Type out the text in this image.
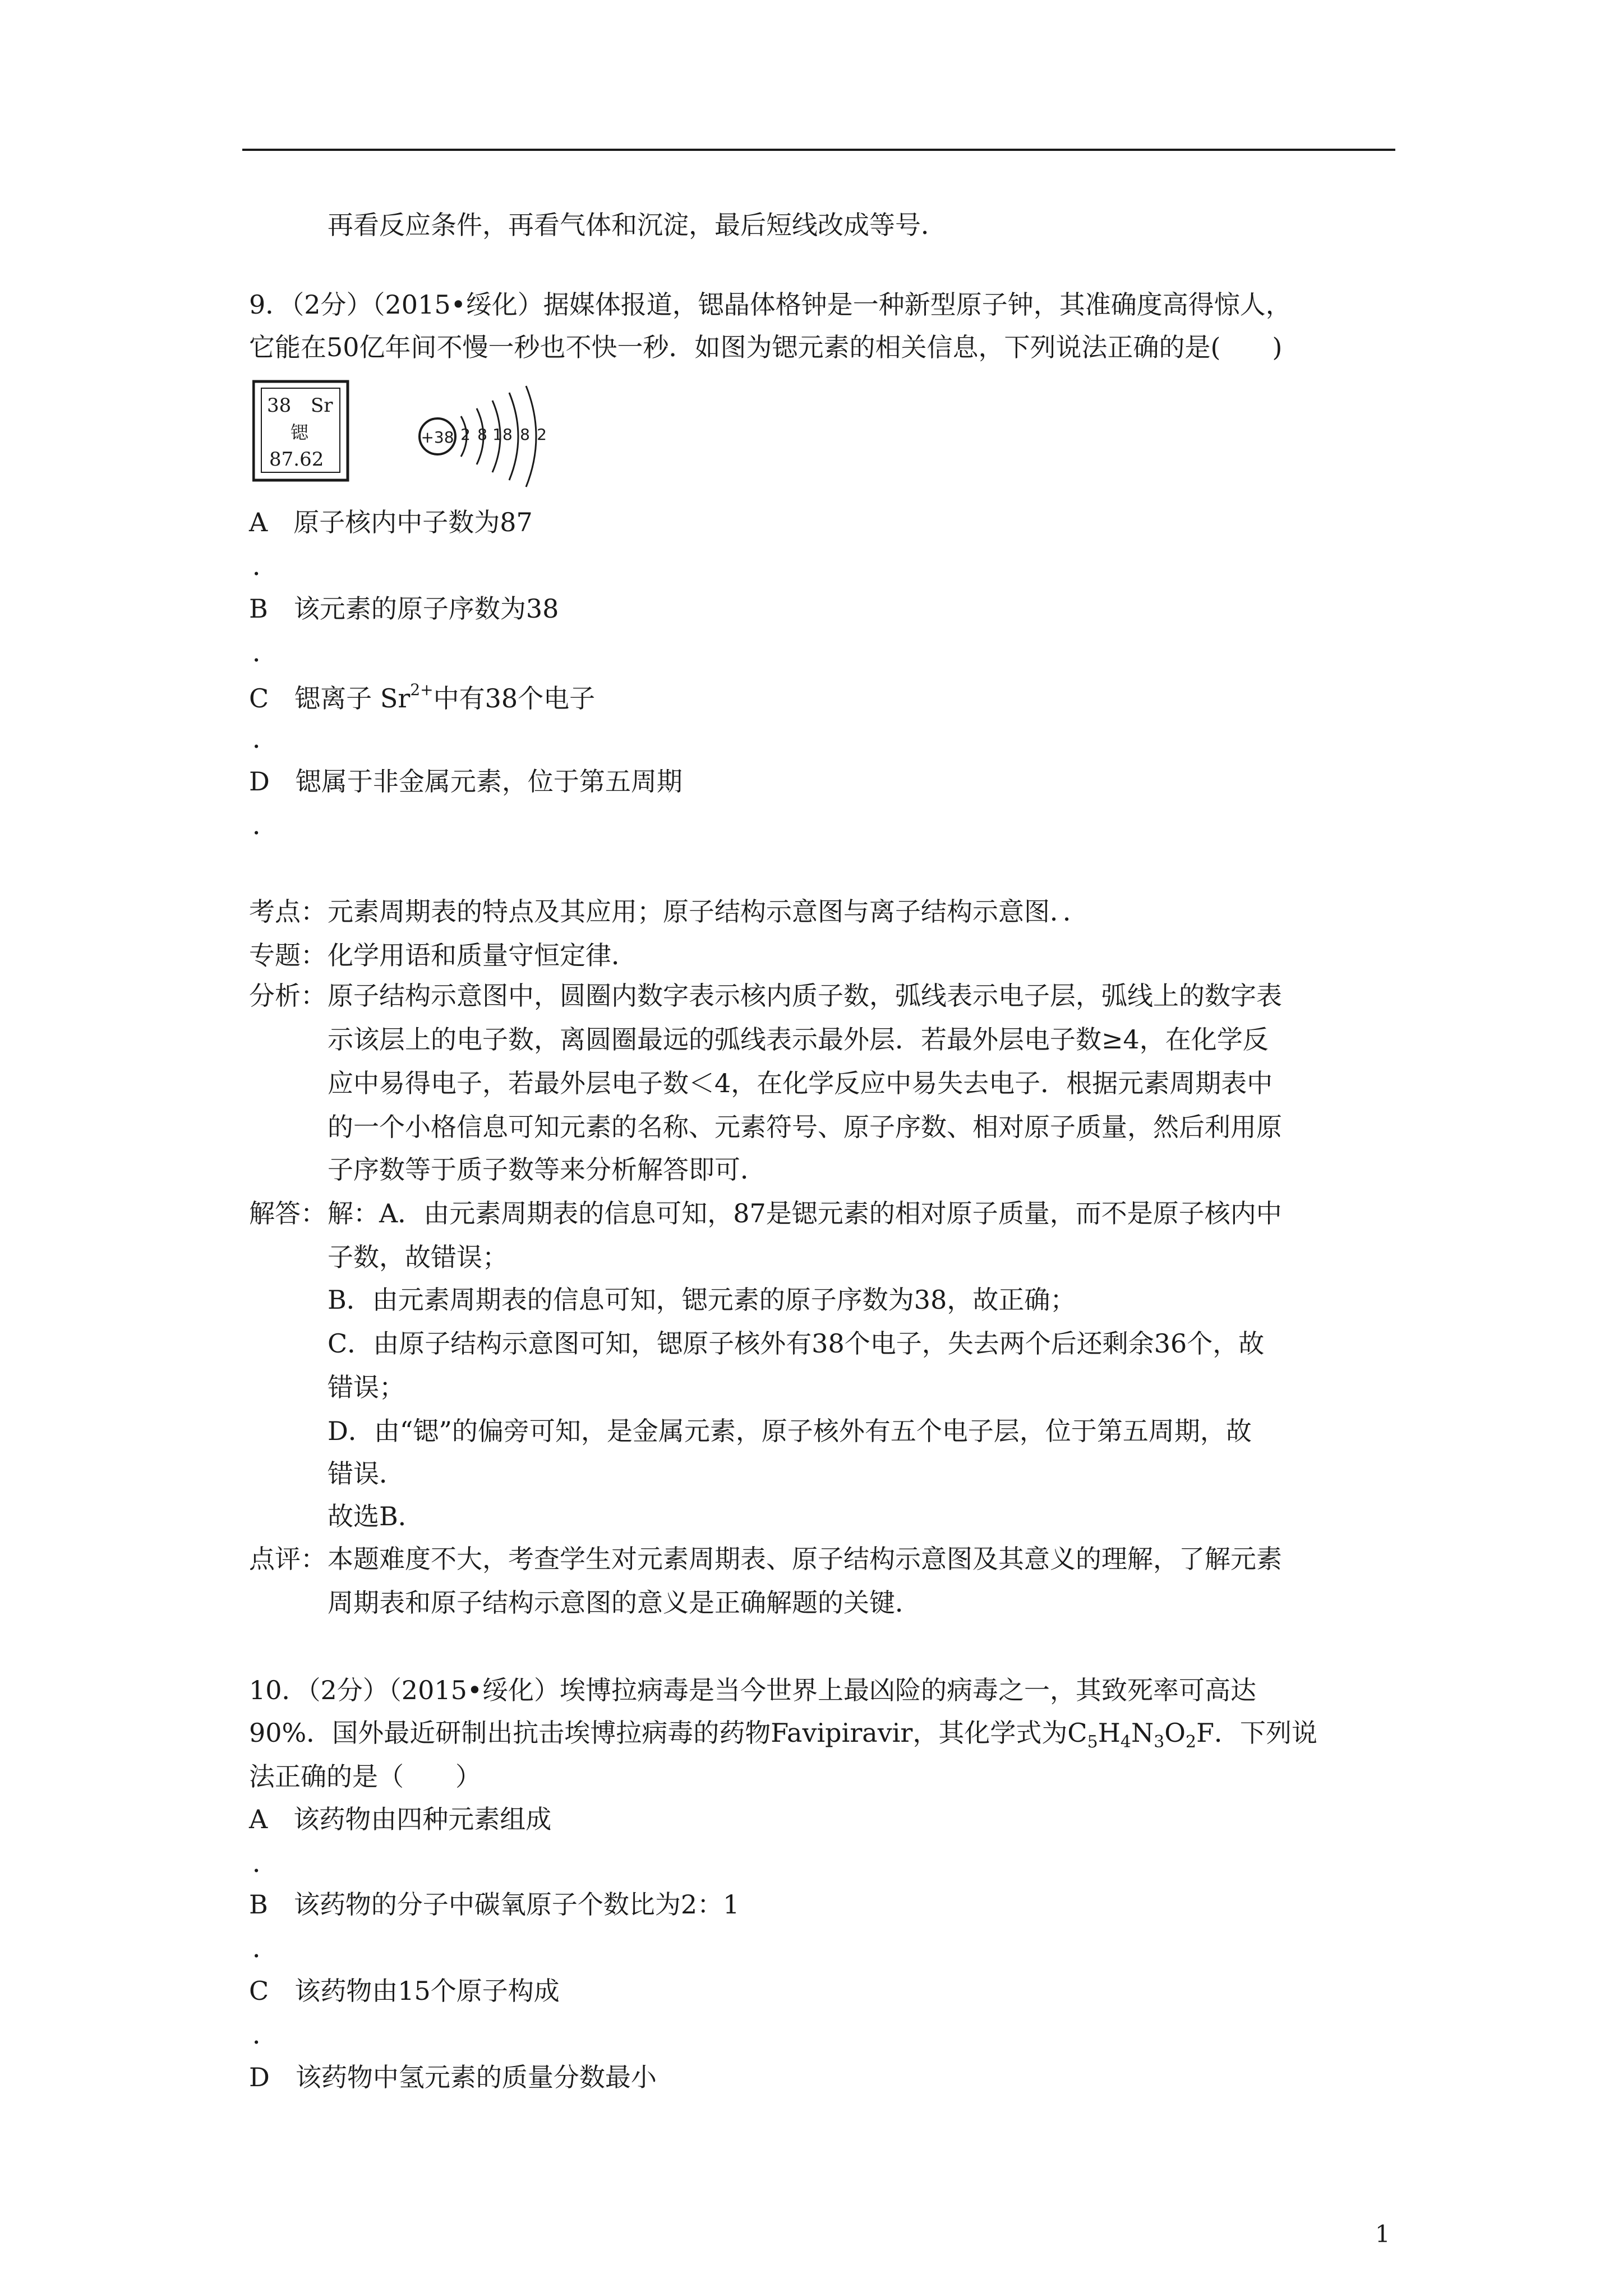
再看反应条件，再看气体和沉淀，最后短线改成等号．
9．（2分）（2015•绥化）据媒体报道，锶晶体格钟是一种新型原子钟，其准确度高得惊人，
它能在50亿年间不慢一秒也不快一秒．如图为锶元素的相关信息，下列说法正确的是(　　)
38 Sr
锶
87.62
+38 2 8 18 8 2
A 原子核内中子数为87
．
B 该元素的原子序数为38
．
C 锶离子 $Sr^{2+}$中有38个电子
．
D 锶属于非金属元素，位于第五周期
．
考点： 元素周期表的特点及其应用；原子结构示意图与离子结构示意图．．
专题： 化学用语和质量守恒定律．
分析： 原子结构示意图中，圆圈内数字表示核内质子数，弧线表示电子层，弧线上的数字表
示该层上的电子数，离圆圈最远的弧线表示最外层．若最外层电子数≥4，在化学反
应中易得电子，若最外层电子数＜4，在化学反应中易失去电子．根据元素周期表中
的一个小格信息可知元素的名称、元素符号、原子序数、相对原子质量，然后利用原
子序数等于质子数等来分析解答即可．
解答： 解：A．由元素周期表的信息可知，87是锶元素的相对原子质量，而不是原子核内中
子数，故错误；
B．由元素周期表的信息可知，锶元素的原子序数为38，故正确；
C．由原子结构示意图可知，锶原子核外有38个电子，失去两个后还剩余36个，故
错误；
D．由“锶”的偏旁可知，是金属元素，原子核外有五个电子层，位于第五周期，故
错误．
故选B．
点评： 本题难度不大，考查学生对元素周期表、原子结构示意图及其意义的理解，了解元素
周期表和原子结构示意图的意义是正确解题的关键．
10．（2分）（2015•绥化）埃博拉病毒是当今世界上最凶险的病毒之一，其致死率可高达
90%．国外最近研制出抗击埃博拉病毒的药物Favipiravir，其化学式为$C_5H_4N_3O_2F$．下列说
法正确的是（　　）
A 该药物由四种元素组成
．
B 该药物的分子中碳氧原子个数比为2：1
．
C 该药物由15个原子构成
．
D 该药物中氢元素的质量分数最小
1
